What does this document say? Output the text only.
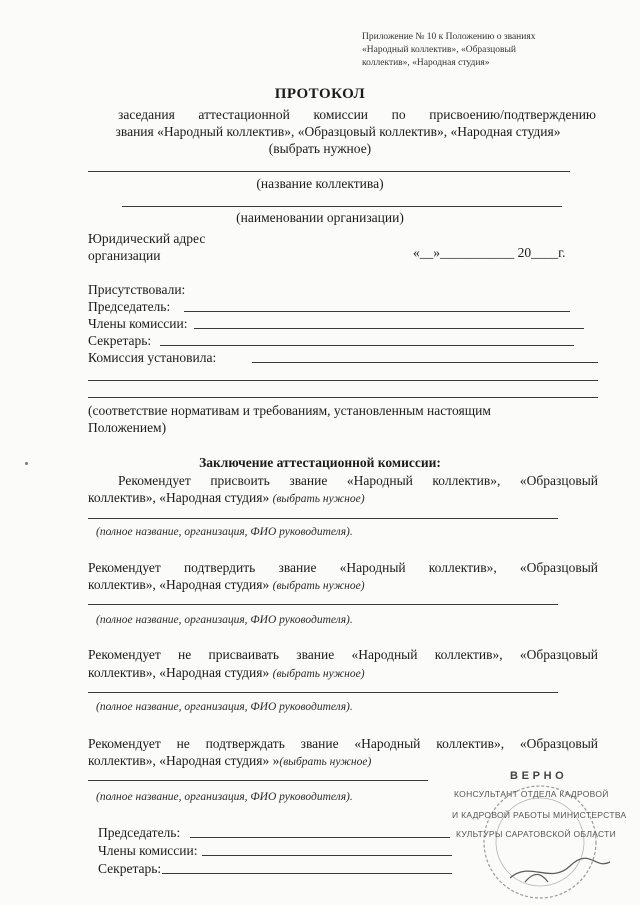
Приложение № 10 к Положению о званиях
«Народный коллектив», «Образцовый
коллектив», «Народная студия»
ПРОТОКОЛ
заседания аттестационной комиссии по присвоению/подтверждению
звания «Народный коллектив», «Образцовый коллектив», «Народная студия»
(выбрать нужное)
(название коллектива)
(наименовании организации)
Юридический адрес
организации	«__»___________ 20____г.
Присутствовали:
Председатель:
Члены комиссии:
Секретарь:
Комиссия установила:
(соответствие нормативам и требованиям, установленным настоящим
Положением)
Заключение аттестационной комиссии:
Рекомендует присвоить звание «Народный коллектив», «Образцовый
коллектив», «Народная студия» (выбрать нужное)
(полное название, организация, ФИО руководителя).
Рекомендует подтвердить звание «Народный коллектив», «Образцовый
коллектив», «Народная студия» (выбрать нужное)
(полное название, организация, ФИО руководителя).
Рекомендует не присваивать звание «Народный коллектив», «Образцовый
коллектив», «Народная студия» (выбрать нужное)
(полное название, организация, ФИО руководителя).
Рекомендует не подтверждать звание «Народный коллектив», «Образцовый
коллектив», «Народная студия» »(выбрать нужное)
(полное название, организация, ФИО руководителя).
Председатель:
Члены комиссии:
Секретарь:
В Е Р Н О
КОНСУЛЬТАНТ ОТДЕЛА КАДРОВОЙ
И КАДРОВОЙ РАБОТЫ МИНИСТЕРСТВА
КУЛЬТУРЫ САРАТОВСКОЙ ОБЛАСТИ
